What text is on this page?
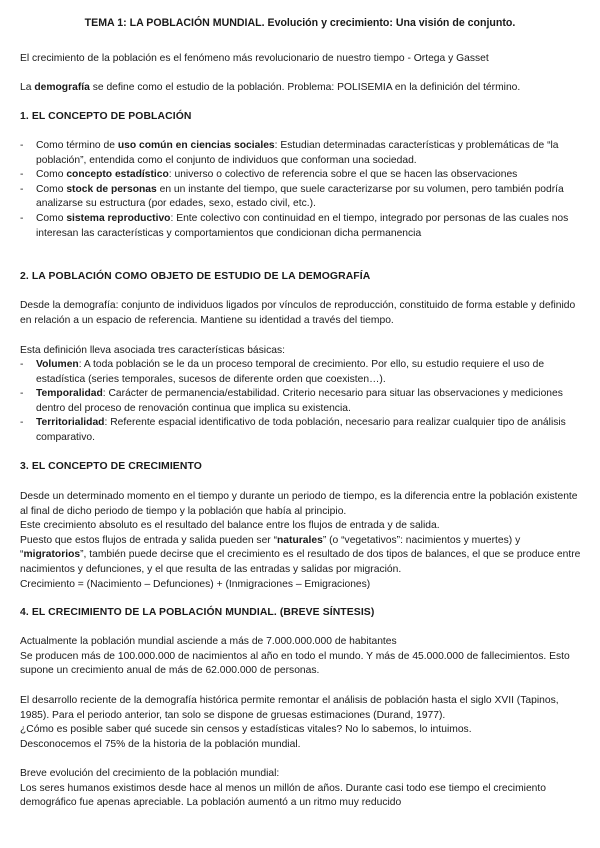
TEMA 1: LA POBLACIÓN MUNDIAL. Evolución y crecimiento: Una visión de conjunto.

El crecimiento de la población es el fenómeno más revolucionario de nuestro tiempo - Ortega y Gasset

La demografía se define como el estudio de la población. Problema: POLISEMIA en la definición del término.

1. EL CONCEPTO DE POBLACIÓN
- Como término de uso común en ciencias sociales: Estudian determinadas características y problemáticas de “la población”, entendida como el conjunto de individuos que conforman una sociedad.
- Como concepto estadístico: universo o colectivo de referencia sobre el que se hacen las observaciones
- Como stock de personas en un instante del tiempo, que suele caracterizarse por su volumen, pero también podría analizarse su estructura (por edades, sexo, estado civil, etc.).
- Como sistema reproductivo: Ente colectivo con continuidad en el tiempo, integrado por personas de las cuales nos interesan las características y comportamientos que condicionan dicha permanencia
2. LA POBLACIÓN COMO OBJETO DE ESTUDIO DE LA DEMOGRAFÍA

Desde la demografía: conjunto de individuos ligados por vínculos de reproducción, constituido de forma estable y definido en relación a un espacio de referencia. Mantiene su identidad a través del tiempo.

Esta definición lleva asociada tres características básicas:

- Volumen: A toda población se le da un proceso temporal de crecimiento. Por ello, su estudio requiere el uso de estadística (series temporales, sucesos de diferente orden que coexisten…).
- Temporalidad: Carácter de permanencia/estabilidad. Criterio necesario para situar las observaciones y mediciones dentro del proceso de renovación continua que implica su existencia.
- Territorialidad: Referente espacial identificativo de toda población, necesario para realizar cualquier tipo de análisis comparativo.
3. EL CONCEPTO DE CRECIMIENTO

Desde un determinado momento en el tiempo y durante un periodo de tiempo, es la diferencia entre la población existente al final de dicho periodo de tiempo y la población que había al principio.

Este crecimiento absoluto es el resultado del balance entre los flujos de entrada y de salida.

Puesto que estos flujos de entrada y salida pueden ser “naturales” (o “vegetativos”: nacimientos y muertes) y “migratorios”, también puede decirse que el crecimiento es el resultado de dos tipos de balances, el que se produce entre nacimientos y defunciones, y el que resulta de las entradas y salidas por migración.

Crecimiento = (Nacimiento – Defunciones) + (Inmigraciones – Emigraciones)

4. EL CRECIMIENTO DE LA POBLACIÓN MUNDIAL. (BREVE SÍNTESIS)

Actualmente la población mundial asciende a más de 7.000.000.000 de habitantes

Se producen más de 100.000.000 de nacimientos al año en todo el mundo. Y más de 45.000.000 de fallecimientos. Esto supone un crecimiento anual de más de 62.000.000 de personas.

El desarrollo reciente de la demografía histórica permite remontar el análisis de población hasta el siglo XVII (Tapinos, 1985). Para el periodo anterior, tan solo se dispone de gruesas estimaciones (Durand, 1977).

¿Cómo es posible saber qué sucede sin censos y estadísticas vitales? No lo sabemos, lo intuimos.

Desconocemos el 75% de la historia de la población mundial.

Breve evolución del crecimiento de la población mundial:

Los seres humanos existimos desde hace al menos un millón de años. Durante casi todo ese tiempo el crecimiento demográfico fue apenas apreciable. La población aumentó a un ritmo muy reducido
